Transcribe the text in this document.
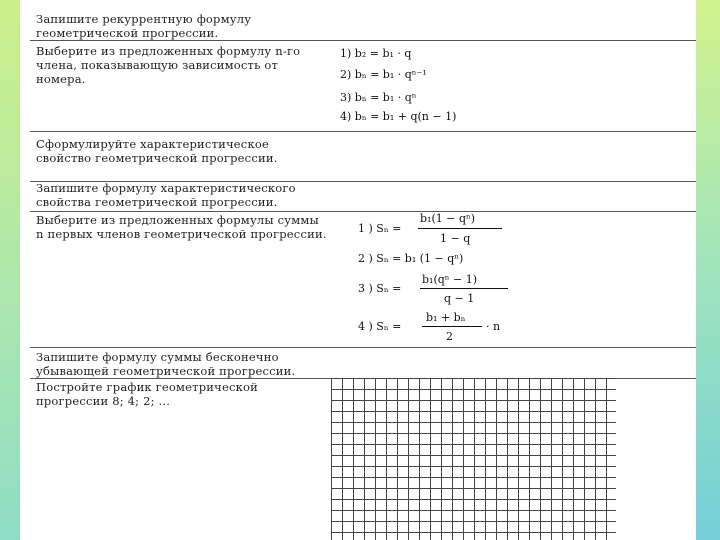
Запишите рекуррентную формулу геометрической прогрессии.
Выберите из предложенных формулу n-го члена, показывающую зависимость от номера.
Сформулируйте характеристическое свойство геометрической прогрессии.
Запишите формулу характеристического свойства геометрической прогрессии.
Выберите из предложенных формулы суммы n первых членов геометрической прогрессии.
Запишите формулу суммы бесконечно убывающей геометрической прогрессии.
Постройте график геометрической прогрессии 8; 4; 2; …
1) b₂ = b₁ · q
2) bₙ = b₁ · qⁿ⁻¹
3) bₙ = b₁ · qⁿ
4) bₙ = b₁ + q(n − 1)
b₁(1 − qⁿ)
1 ) Sₙ =
1 − q
2 ) Sₙ = b₁ (1 − qⁿ)
b₁(qⁿ − 1)
3 ) Sₙ =
q − 1
b₁ + bₙ
4 ) Sₙ =	· n
2
